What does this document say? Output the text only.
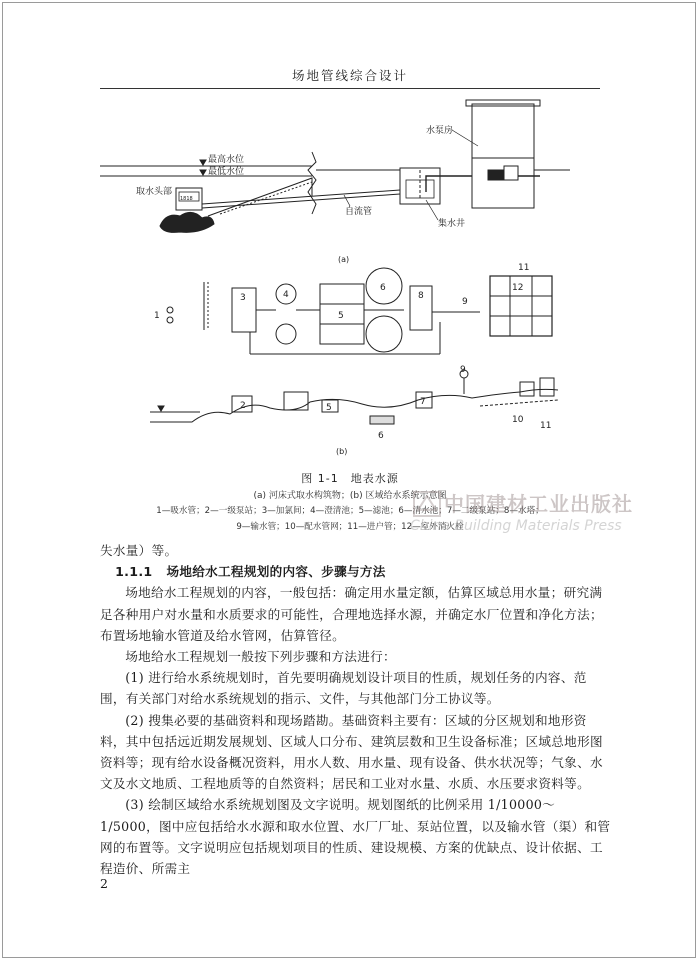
场地管线综合设计
水泵房
最高水位
最低水位
取水头部
1818
自流管
集水井
(a)
1
3	4
5
6
8
9
11
12
2	5
6
7
9
10
11
(b)
图 1-1　地表水源
(a) 河床式取水构筑物；(b) 区域给水系统示意图
1—吸水管；2—一级泵站；3—加氯间；4—澄清池；5—滤池；6—清水池；7—二级泵站；8—水塔；
9—输水管；10—配水管网；11—进户管；12—室外消火栓
中国建材工业出版社
China Building Materials Press

失水量）等。

1.1.1 场地给水工程规划的内容、步骤与方法

场地给水工程规划的内容，一般包括：确定用水量定额，估算区域总用水量；研究满足各种用户对水量和水质要求的可能性，合理地选择水源，并确定水厂位置和净化方法；布置场地输水管道及给水管网，估算管径。

场地给水工程规划一般按下列步骤和方法进行：

(1) 进行给水系统规划时，首先要明确规划设计项目的性质，规划任务的内容、范围，有关部门对给水系统规划的指示、文件，与其他部门分工协议等。

(2) 搜集必要的基础资料和现场踏勘。基础资料主要有：区域的分区规划和地形资料，其中包括远近期发展规划、区域人口分布、建筑层数和卫生设备标准；区域总地形图资料等；现有给水设备概况资料，用水人数、用水量、现有设备、供水状况等；气象、水文及水文地质、工程地质等的自然资料；居民和工业对水量、水质、水压要求资料等。

(3) 绘制区域给水系统规划图及文字说明。规划图纸的比例采用 1/10000～1/5000，图中应包括给水水源和取水位置、水厂厂址、泵站位置，以及输水管（渠）和管网的布置等。文字说明应包括规划项目的性质、建设规模、方案的优缺点、设计依据、工程造价、所需主

2
